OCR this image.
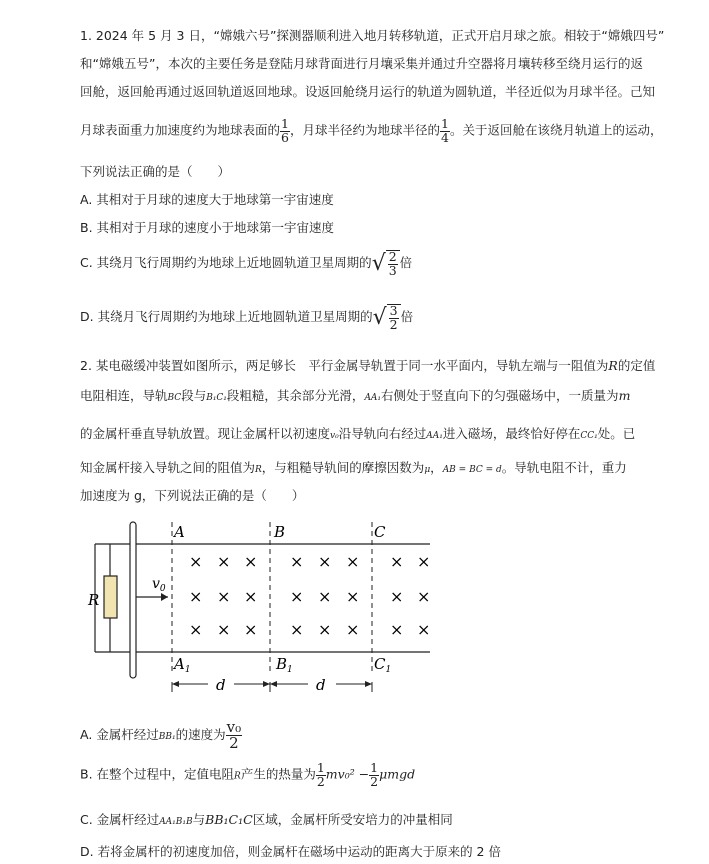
1. 2024 年 5 月 3 日，“嫦娥六号”探测器顺利进入地月转移轨道，正式开启月球之旅。相较于“嫦娥四号”
和“嫦娥五号”，本次的主要任务是登陆月球背面进行月壤采集并通过升空器将月壤转移至绕月运行的返
回舱，返回舱再通过返回轨道返回地球。设返回舱绕月运行的轨道为圆轨道，半径近似为月球半径。己知
月球表面重力加速度约为地球表面的 $\frac{1}{6}$ ，月球半径约为地球半径的 $\frac{1}{4}$ 。关于返回舱在该绕月轨道上的运动，
下列说法正确的是（　　）
A. 其相对于月球的速度大于地球第一宇宙速度
B. 其相对于月球的速度小于地球第一宇宙速度
C. 其绕月飞行周期约为地球上近地圆轨道卫星周期的√ $\frac{2}{3}$ 倍
D. 其绕月飞行周期约为地球上近地圆轨道卫星周期的√ $\frac{3}{2}$ 倍
2. 某电磁缓冲装置如图所示，两足够长　平行金属导轨置于同一水平面内，导轨左端与一阻值为R的定值
电阻相连，导轨BC段与B₁C₁段粗糙，其余部分光滑，AA₁右侧处于竖直向下的匀强磁场中，一质量为m
的金属杆垂直导轨放置。现让金属杆以初速度v₀沿导轨向右经过AA₁进入磁场，最终恰好停在CC₁处。已
知金属杆接入导轨之间的阻值为R，与粗糙导轨间的摩擦因数为μ，AB = BC = d。导轨电阻不计，重力
加速度为 g，下列说法正确的是（　　）
R
$v_0$
A	B	C
$A_1$	$B_1$	$C_1$
× × × × × × × ×
× × × × × × × ×
× × × × × × × ×
d	d
A. 金属杆经过BB₁的速度为 $\frac{\text{v₀}}{2}$
B. 在整个过程中，定值电阻R产生的热量为 $\frac{1}{2} mv_0^2 - \frac{1}{2}$ μmgd
C. 金属杆经过AA₁B₁B与BB₁C₁C区域，金属杆所受安培力的冲量相同
D. 若将金属杆的初速度加倍，则金属杆在磁场中运动的距离大于原来的 2 倍
